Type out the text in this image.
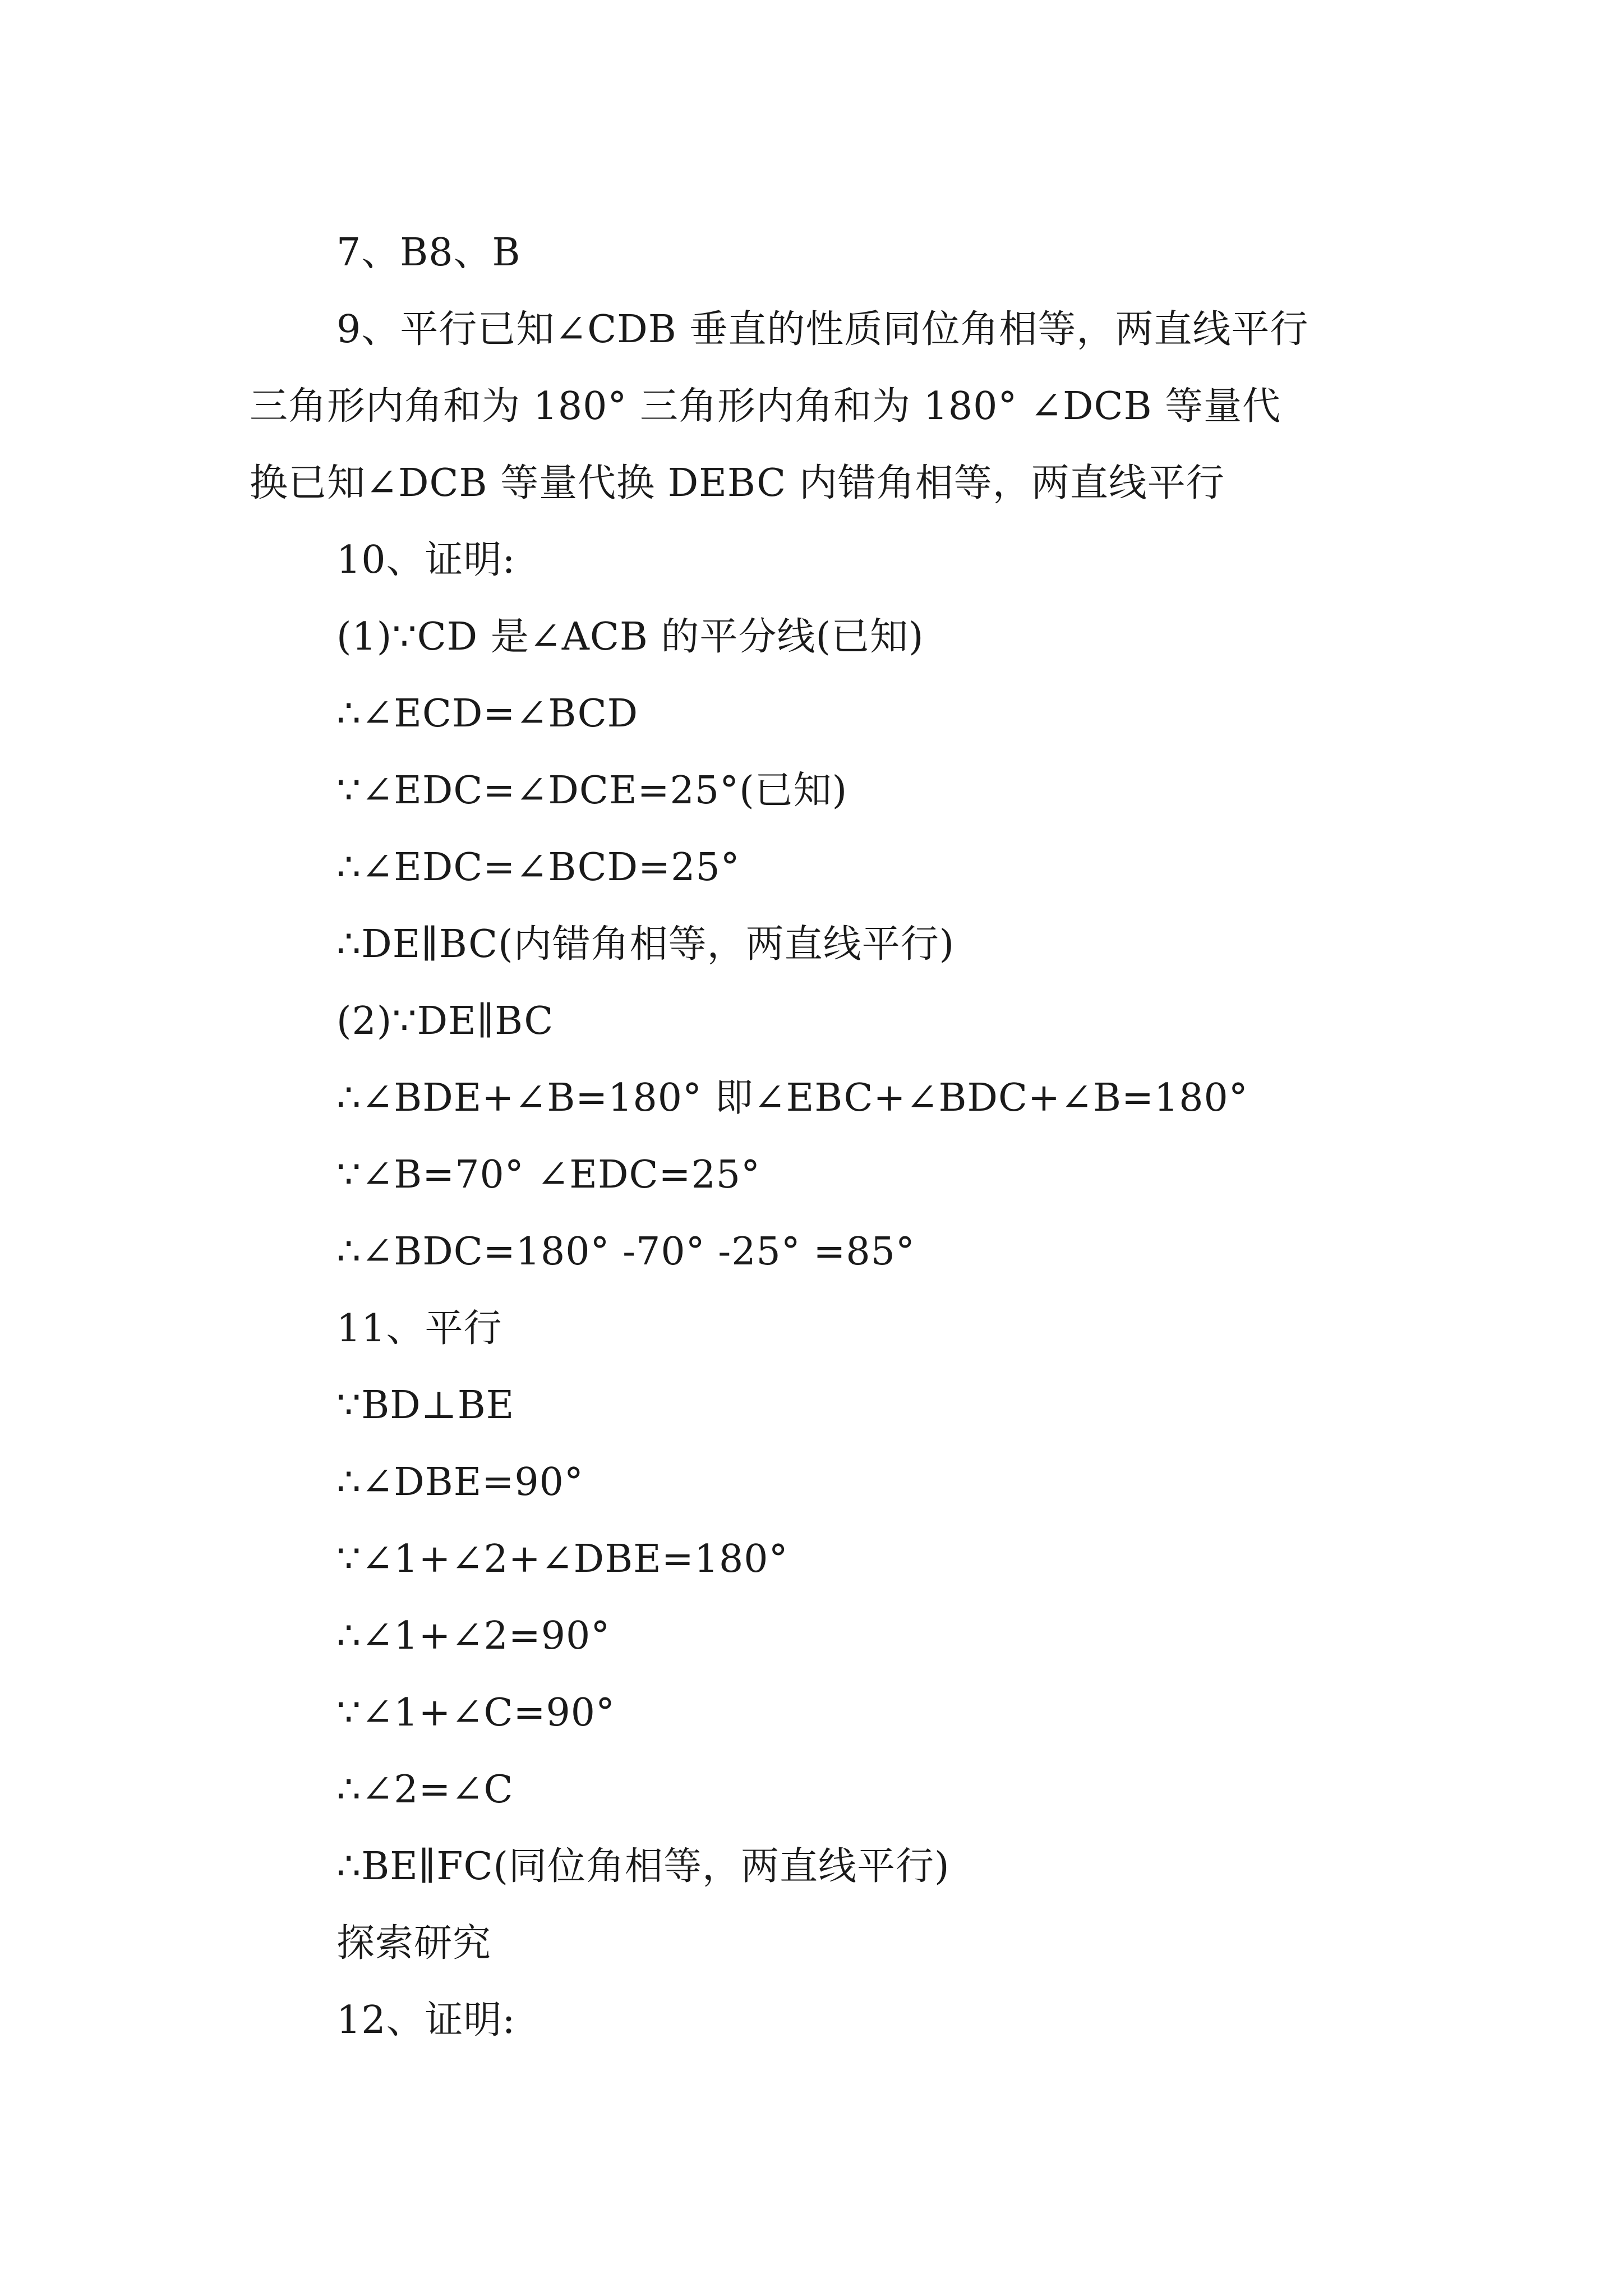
7、B8、B
9、平行已知∠CDB 垂直的性质同位角相等，两直线平行
三角形内角和为 180° 三角形内角和为 180° ∠DCB 等量代
换已知∠DCB 等量代换 DEBC 内错角相等，两直线平行
10、证明:
(1)∵CD 是∠ACB 的平分线(已知)
∴∠ECD=∠BCD
∵∠EDC=∠DCE=25°(已知)
∴∠EDC=∠BCD=25°
∴DE∥BC(内错角相等，两直线平行)
(2)∵DE∥BC
∴∠BDE+∠B=180° 即∠EBC+∠BDC+∠B=180°
∵∠B=70° ∠EDC=25°
∴∠BDC=180° -70° -25° =85°
11、平行
∵BD⊥BE
∴∠DBE=90°
∵∠1+∠2+∠DBE=180°
∴∠1+∠2=90°
∵∠1+∠C=90°
∴∠2=∠C
∴BE∥FC(同位角相等，两直线平行)
探索研究
12、证明:
